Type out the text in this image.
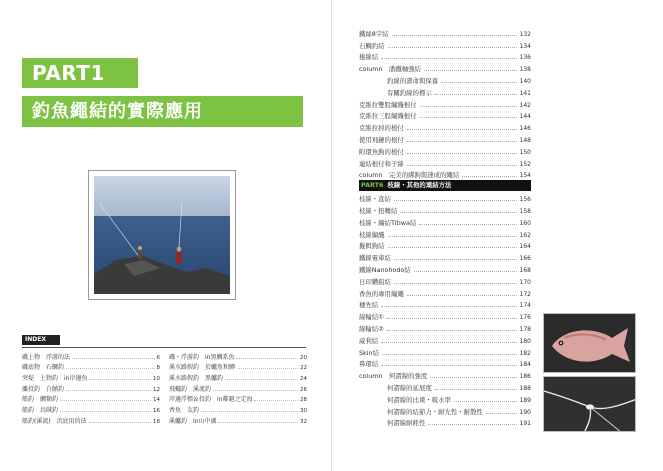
PART1
釣魚繩結的實際應用
INDEX
磯上物　浮游的法	6
磯底物　石鯛釣	8
突堤　上物釣　in岸邊魚	10
灘投釣　白鱚釣	12
船釣　鯛類釣	14
船釣　烏賊釣	16
船釣(溪流)　沉底用的法	18
磯・浮游釣　in黑鯛系魚	20
溪水路假釣　於鱸魚和鱒	22
溪水路假釣　黑鱸釣	24
飛蠅釣　溪流釣	26
岸邊浮標＆投釣　in鄰避之定海	28
香魚　友釣	30
溪鱸釣　in山中湖	32
鐵絲8字結	132
石鯛釣結	134
捲線結	136
column　潘鐵軸強結	138
釣線的壽命與保養	140
有關釣線的標示	141
克維拉雙股編織根付	142
克維拉三股編織根付	144
克維拉掉的根付	146
使用飛鏈的根付	148
附環魚鉤的根付	150
連結根付和子線	152
column　完美的綁鉤與速成的繩結	154
PART6 枝線・其他的連結方法
枝線・直結	156
枝線・扭轉結	158
枝線・編結Titiwa結	160
枝線編織	162
擬餌鉤結	164
鐵線電車結	166
鐵線Nanohodo結	168
日印鑽鉛結	170
香魚的專用編繩	172
穗先結	174
線輪結①	176
線輪結②	178
威利結	180
Skin結	182
鼻環結	184
column　何謂線的強度	186
何謂線的延展度	188
何謂線的比重・吸水率	189
何謂線的結節力・耐光性・耐散性	190
何謂線耐耗性	191
